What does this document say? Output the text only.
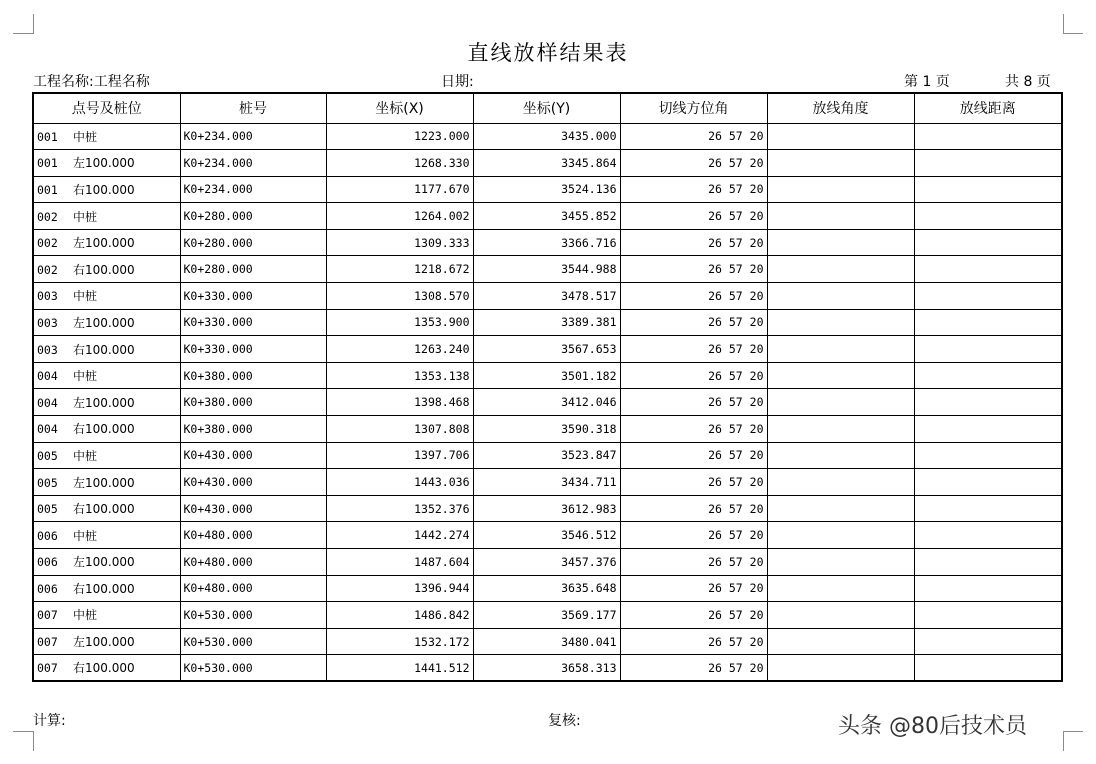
直线放样结果表
工程名称:工程名称	日期:	第 1 页	共 8 页
点号及桩位	桩号	坐标(X)	坐标(Y)	切线方位角	放线角度	放线距离
001 中桩	K0+234.000	1223.000	3435.000	26 57 20		
001 左100.000	K0+234.000	1268.330	3345.864	26 57 20		
001 右100.000	K0+234.000	1177.670	3524.136	26 57 20		
002 中桩	K0+280.000	1264.002	3455.852	26 57 20		
002 左100.000	K0+280.000	1309.333	3366.716	26 57 20		
002 右100.000	K0+280.000	1218.672	3544.988	26 57 20		
003 中桩	K0+330.000	1308.570	3478.517	26 57 20		
003 左100.000	K0+330.000	1353.900	3389.381	26 57 20		
003 右100.000	K0+330.000	1263.240	3567.653	26 57 20		
004 中桩	K0+380.000	1353.138	3501.182	26 57 20		
004 左100.000	K0+380.000	1398.468	3412.046	26 57 20		
004 右100.000	K0+380.000	1307.808	3590.318	26 57 20		
005 中桩	K0+430.000	1397.706	3523.847	26 57 20		
005 左100.000	K0+430.000	1443.036	3434.711	26 57 20		
005 右100.000	K0+430.000	1352.376	3612.983	26 57 20		
006 中桩	K0+480.000	1442.274	3546.512	26 57 20		
006 左100.000	K0+480.000	1487.604	3457.376	26 57 20		
006 右100.000	K0+480.000	1396.944	3635.648	26 57 20		
007 中桩	K0+530.000	1486.842	3569.177	26 57 20		
007 左100.000	K0+530.000	1532.172	3480.041	26 57 20		
007 右100.000	K0+530.000	1441.512	3658.313	26 57 20		
计算:	复核:	头条 @80后技术员
